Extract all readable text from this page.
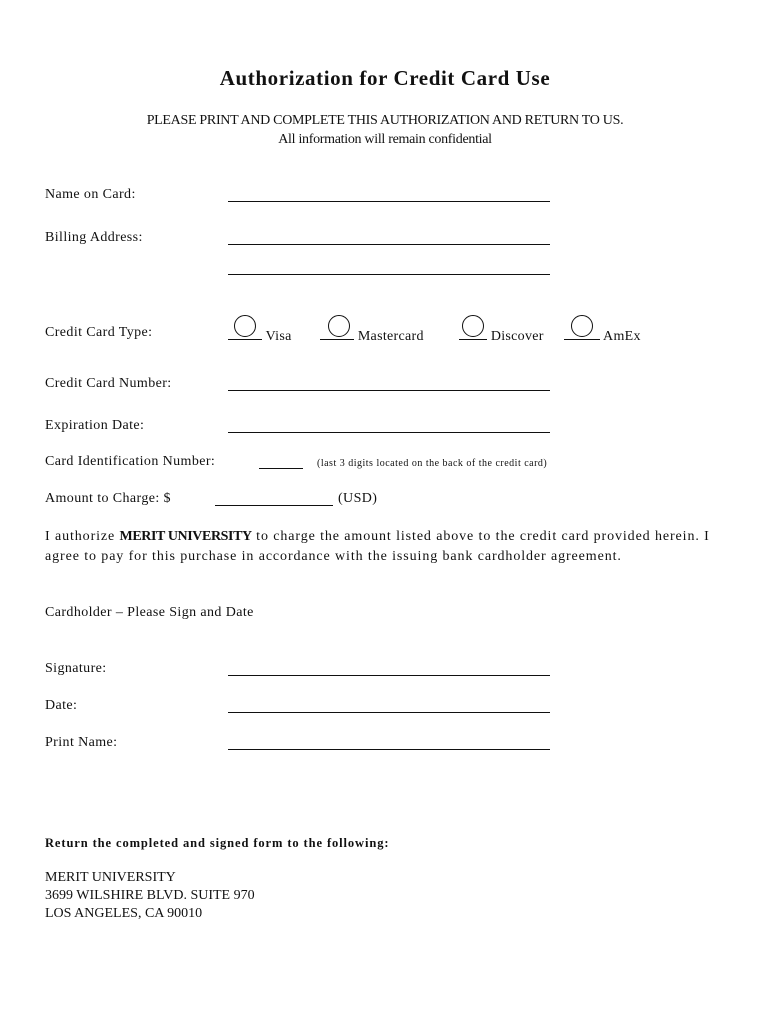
Authorization for Credit Card Use
PLEASE PRINT AND COMPLETE THIS AUTHORIZATION AND RETURN TO US.
All information will remain confidential
Name on Card:
Billing Address:
Credit Card Type:	Visa	Mastercard	Discover	AmEx
Credit Card Number:
Expiration Date:
Card Identification Number:	(last 3 digits located on the back of the credit card)
Amount to Charge: $	(USD)
I authorize MERIT UNIVERSITY to charge the amount listed above to the credit card provided herein. I agree to pay for this purchase in accordance with the issuing bank cardholder agreement.
Cardholder – Please Sign and Date
Signature:
Date:
Print Name:
Return the completed and signed form to the following:
MERIT UNIVERSITY
3699 WILSHIRE BLVD. SUITE 970
LOS ANGELES, CA 90010
